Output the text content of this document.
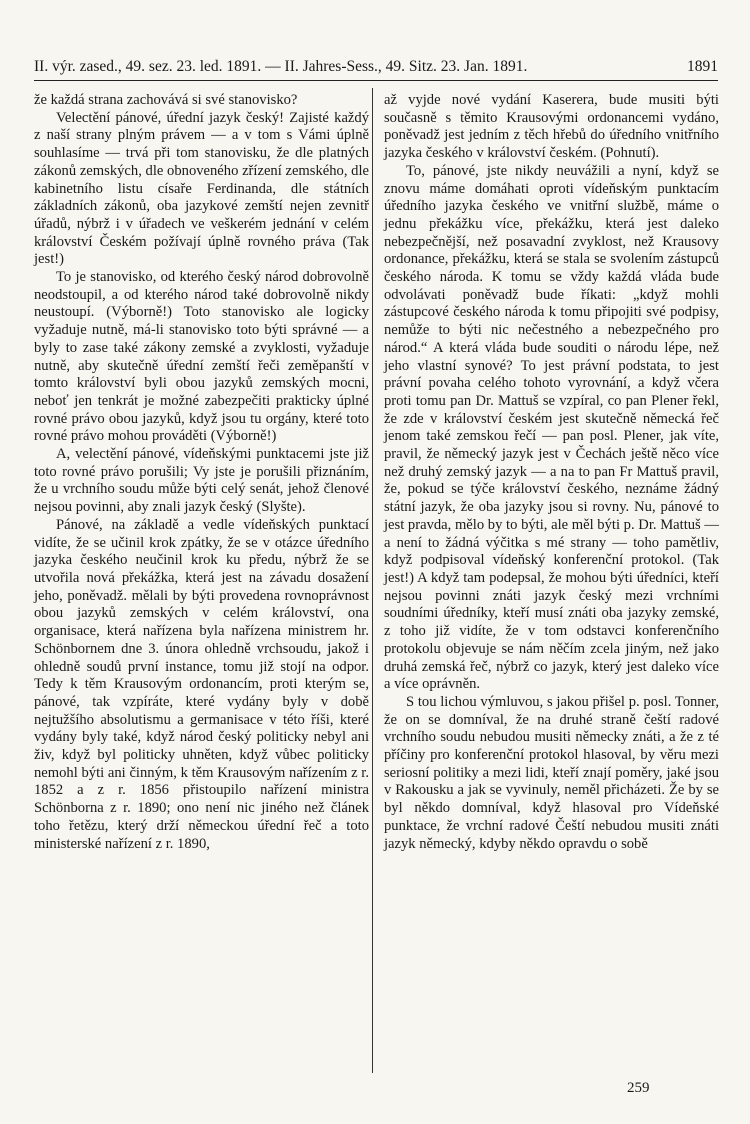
II. výr. zased., 49. sez. 23. led. 1891. — II. Jahres-Sess., 49. Sitz. 23. Jan. 1891.	1891

že každá strana zachovává si své stanovisko?

Velectění pánové, úřední jazyk český! Zajisté každý z naší strany plným právem — a v tom s Vámi úplně souhlasíme — trvá při tom stanovisku, že dle platných zákonů zemských, dle obnoveného zřízení zemského, dle kabinetního listu císaře Ferdinanda, dle státních základních zákonů, oba jazykové zemští nejen zevnitř úřadů, nýbrž i v úřadech ve veškerém jednání v celém království Českém požívají úplně rovného práva (Tak jest!)

To je stanovisko, od kterého český národ dobrovolně neodstoupil, a od kterého národ také dobrovolně nikdy neustoupí. (Výborně!) Toto stanovisko ale logicky vyžaduje nutně, má-li stanovisko toto býti správné — a byly to zase také zákony zemské a zvyklosti, vyžaduje nutně, aby skutečně úřední zemští řeči zeměpanští v tomto království byli obou jazyků zemských mocni, neboť jen tenkrát je možné zabezpečiti prakticky úplné rovné právo obou jazyků, když jsou tu orgány, které toto rovné právo mohou prováděti (Výborně!)

A, velectění pánové, vídeňskými punktacemi jste již toto rovné právo porušili; Vy jste je porušili přiznáním, že u vrchního soudu může býti celý senát, jehož členové nejsou povinni, aby znali jazyk český (Slyšte).

Pánové, na základě a vedle vídeňských punktací vidíte, že se učinil krok zpátky, že se v otázce úředního jazyka českého neučinil krok ku předu, nýbrž že se utvořila nová překážka, která jest na závadu dosažení jeho, poněvadž. mělali by býti provedena rovnoprávnost obou jazyků zemských v celém království, ona organisace, která nařízena byla nařízena ministrem hr. Schönbornem dne 3. února ohledně vrchsoudu, jakož i ohledně soudů první instance, tomu již stojí na odpor. Tedy k těm Krausovým ordonancím, proti kterým se, pánové, tak vzpíráte, které vydány byly v době nejtužšího absolutismu a germanisace v této říši, které vydány byly také, když národ český politicky nebyl ani živ, když byl politicky uhněten, když vůbec politicky nemohl býti ani činným, k těm Krausovým nařízením z r. 1852 a z r. 1856 přistoupilo nařízení ministra Schönborna z r. 1890; ono není nic jiného než článek toho řetězu, který drží německou úřední řeč a toto ministerské nařízení z r. 1890,

až vyjde nové vydání Kaserera, bude musiti býti současně s těmito Krausovými ordonancemi vydáno, poněvadž jest jedním z těch hřebů do úředního vnitřního jazyka českého v království českém. (Pohnutí).

To, pánové, jste nikdy neuvážili a nyní, když se znovu máme domáhati oproti vídeňským punktacím úředního jazyka českého ve vnitřní službě, máme o jednu překážku více, překážku, která jest daleko nebezpečnější, než posavadní zvyklost, než Krausovy ordonance, překážku, která se stala se svolením zástupců českého národa. K tomu se vždy každá vláda bude odvolávati poněvadž bude říkati: „když mohli zástupcové českého národa k tomu připojiti své podpisy, nemůže to býti nic nečestného a nebezpečného pro národ.“ A která vláda bude souditi o národu lépe, než jeho vlastní synové? To jest právní podstata, to jest právní povaha celého tohoto vyrovnání, a když včera proti tomu pan Dr. Mattuš se vzpíral, co pan Plener řekl, že zde v království českém jest skutečně německá řeč jenom také zemskou řečí — pan posl. Plener, jak víte, pravil, že německý jazyk jest v Čechách ještě něco více než druhý zemský jazyk — a na to pan Fr Mattuš pravil, že, pokud se týče království českého, neznáme žádný státní jazyk, že oba jazyky jsou si rovny. Nu, pánové to jest pravda, mělo by to býti, ale měl býti p. Dr. Mattuš — a není to žádná výčitka s mé strany — toho pamětliv, když podpisoval vídeňský konferenční protokol. (Tak jest!) A když tam podepsal, že mohou býti úředníci, kteří nejsou povinni znáti jazyk český mezi vrchními soudními úředníky, kteří musí znáti oba jazyky zemské, z toho již vidíte, že v tom odstavci konferenčního protokolu objevuje se nám něčím zcela jiným, než jako druhá zemská řeč, nýbrž co jazyk, který jest daleko více a více oprávněn.

S tou lichou výmluvou, s jakou přišel p. posl. Tonner, že on se domníval, že na druhé straně čeští radové vrchního soudu nebudou musiti německy znáti, a že z té příčiny pro konferenční protokol hlasoval, by věru mezi seriosní politiky a mezi lidi, kteří znají poměry, jaké jsou v Rakousku a jak se vyvinuly, neměl přicházeti. Že by se byl někdo domníval, když hlasoval pro Vídeňské punktace, že vrchní radové Čeští nebudou musiti znáti jazyk německý, kdyby někdo opravdu o sobě

259
